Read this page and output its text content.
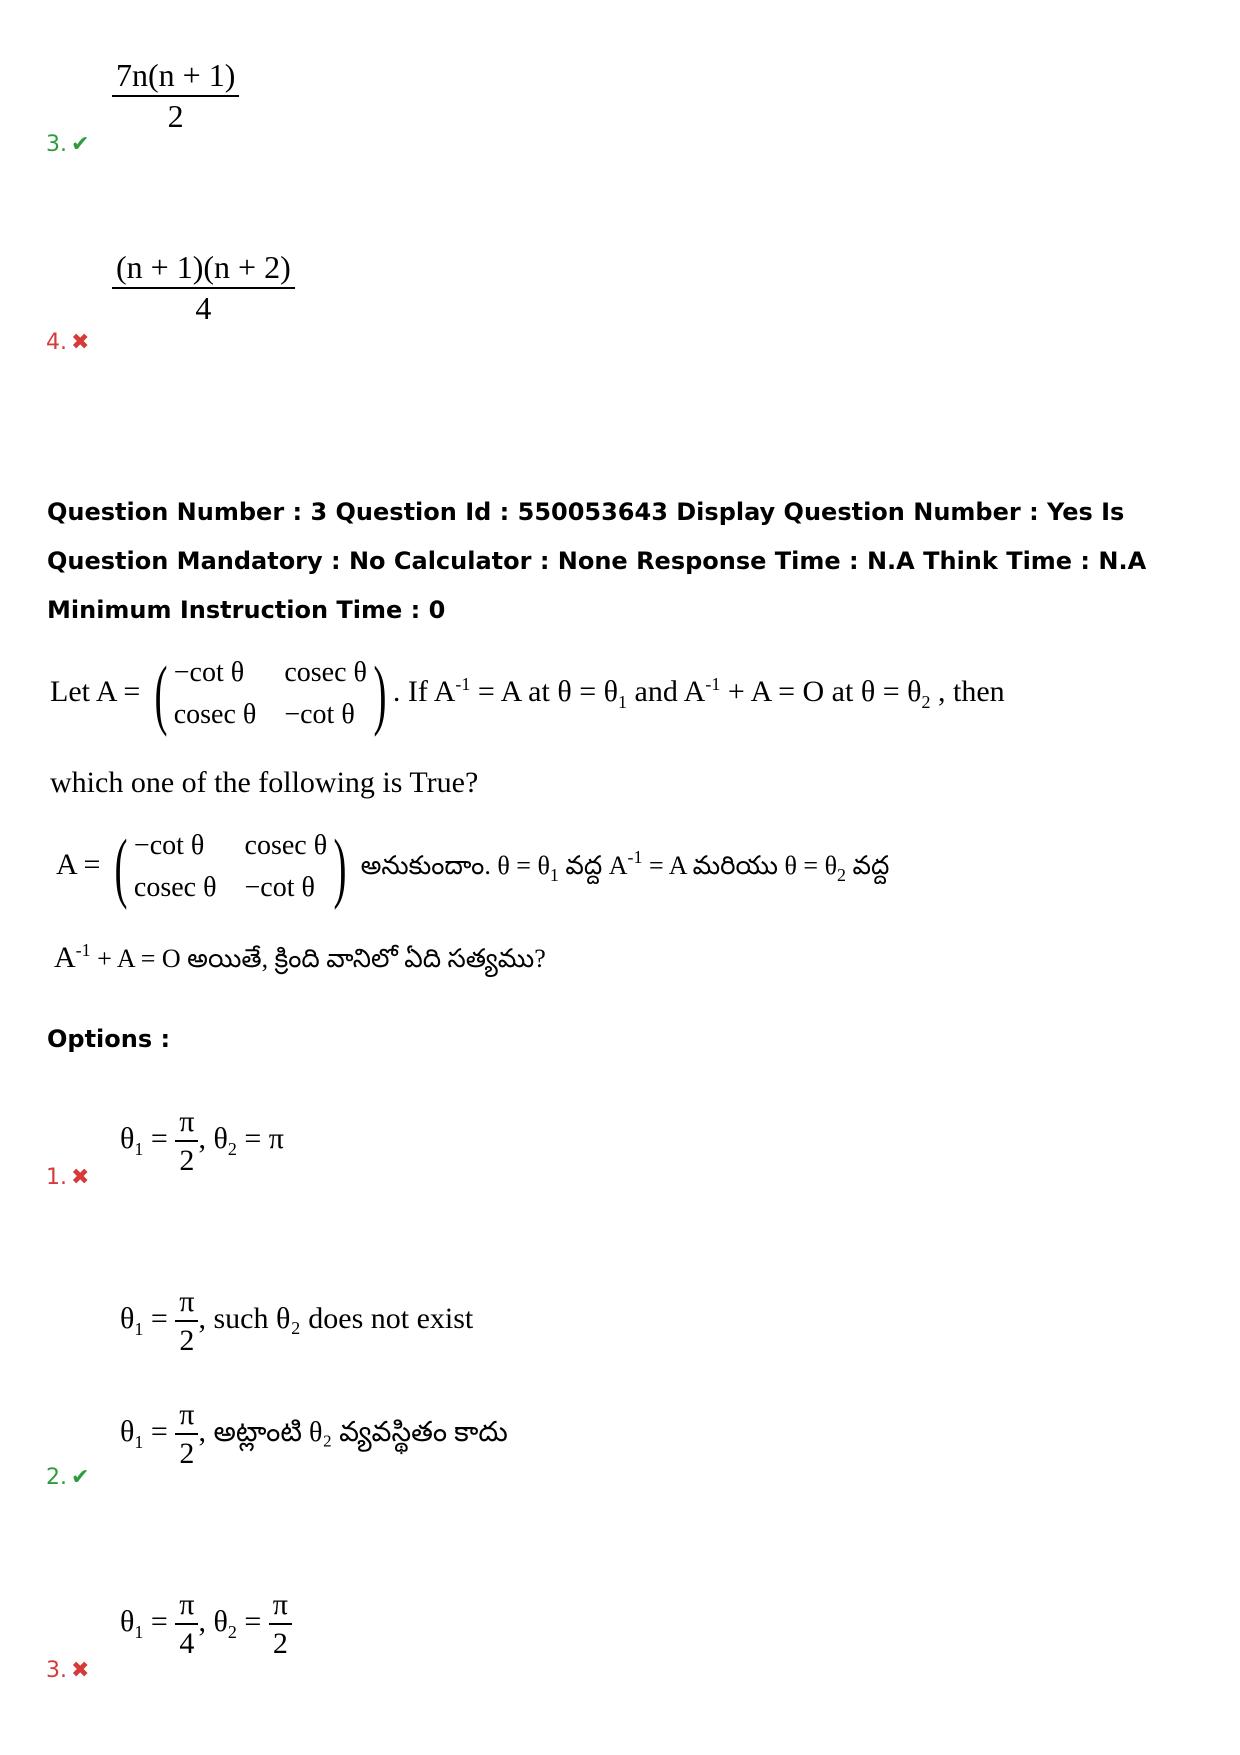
$\frac{7n(n + 1)}{2}$
3. ✔
$\frac{(n + 1)(n + 2)}{4}$
4. ✖
Question Number : 3 Question Id : 550053643 Display Question Number : Yes Is Question Mandatory : No Calculator : None Response Time : N.A Think Time : N.A Minimum Instruction Time : 0
Let A = ( −cot θ	cosec θ
cosec θ −cot θ ) . If $A^{-1} = A$ at $\theta = \theta_1$ and $A^{-1} + A = O$ at $\theta = \theta_2$ , then
which one of the following is True?
A = ( −cot θ	cosec θ
cosec θ −cot θ ) అనుకుందాం. $\theta = \theta_1$ వద్ద $A^{-1} = A$ మరియు $\theta = \theta_2$ వద్ద
$A^{-1} + A = O$ అయితే, క్రింది వానిలో ఏది సత్యము?
Options :
$\theta_1 = \frac{\pi}{2}$ , $\theta_2 = \pi$
1. ✖
$\theta_1 = \frac{\pi}{2}$ , such θ₂ does not exist
$\theta_1 = \frac{\pi}{2}$ , అట్లాంటి θ₂ వ్యవస్థితం కాదు
2. ✔
$\theta_1 = \frac{\pi}{4}$ , $\theta_2 = \frac{\pi}{2}$
3. ✖
